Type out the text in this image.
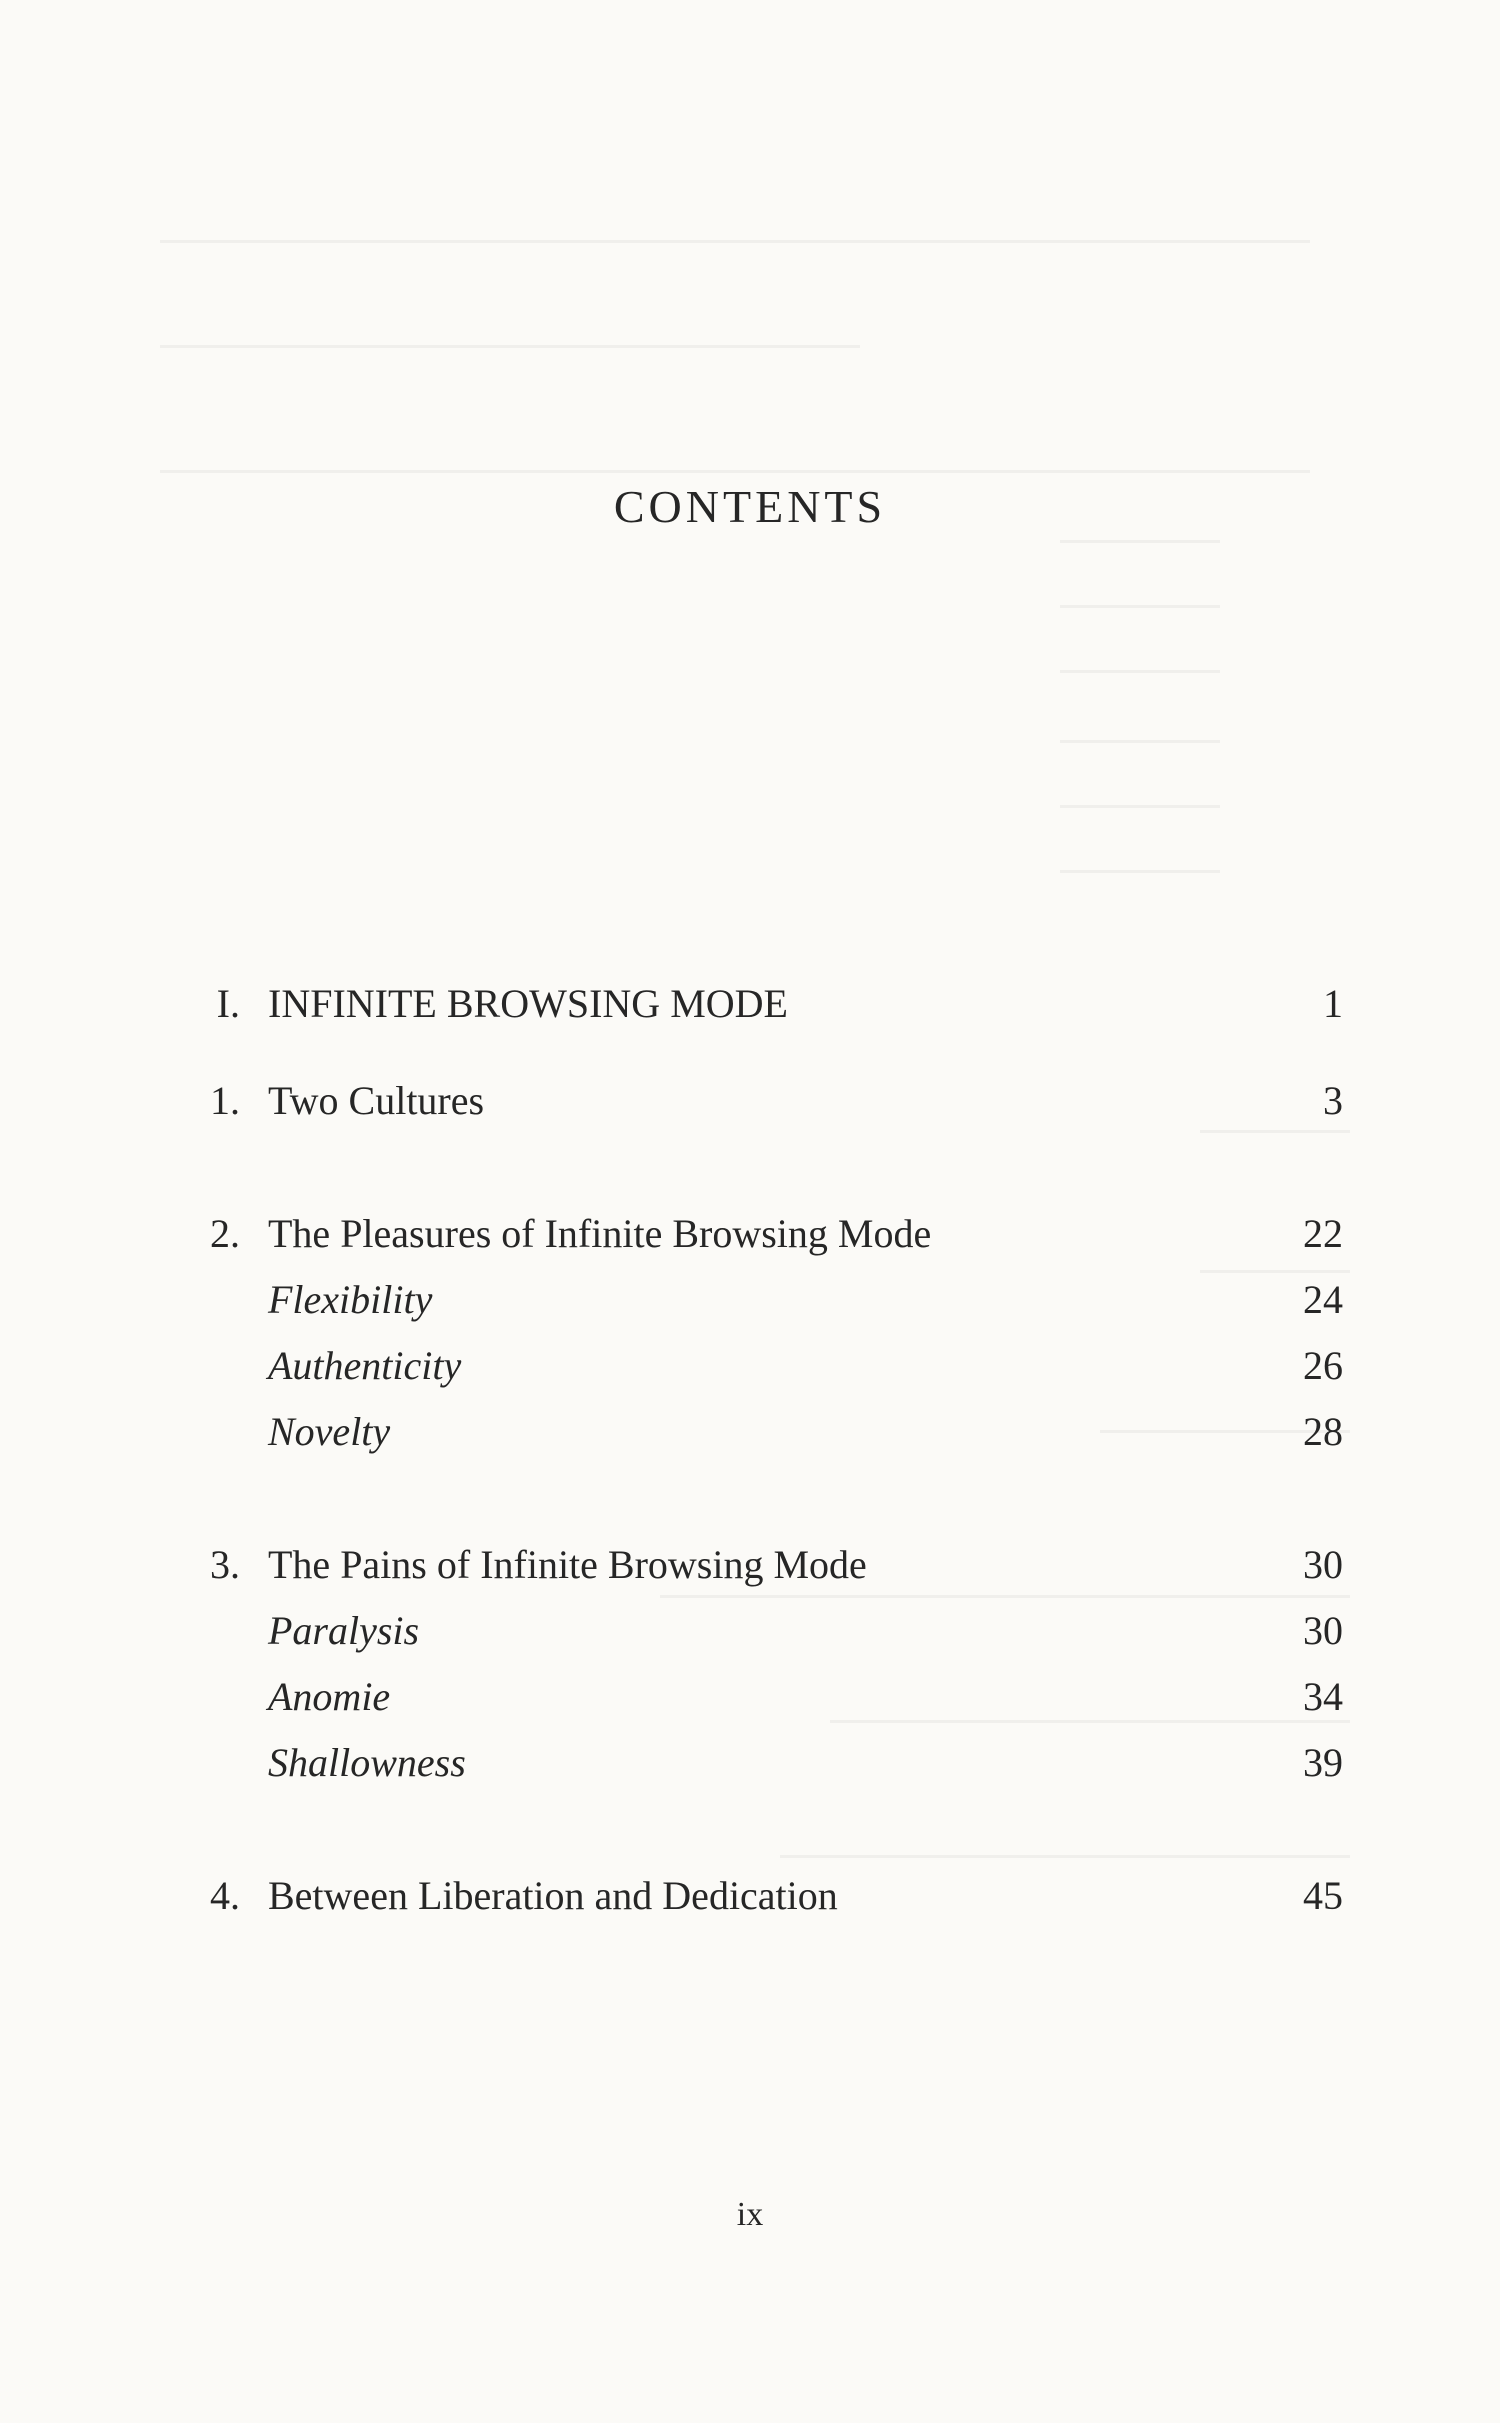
CONTENTS
I. INFINITE BROWSING MODE	1
1. Two Cultures	3
2. The Pleasures of Infinite Browsing Mode	22
Flexibility	24
Authenticity	26
Novelty	28
3. The Pains of Infinite Browsing Mode	30
Paralysis	30
Anomie	34
Shallowness	39
4. Between Liberation and Dedication	45
ix
